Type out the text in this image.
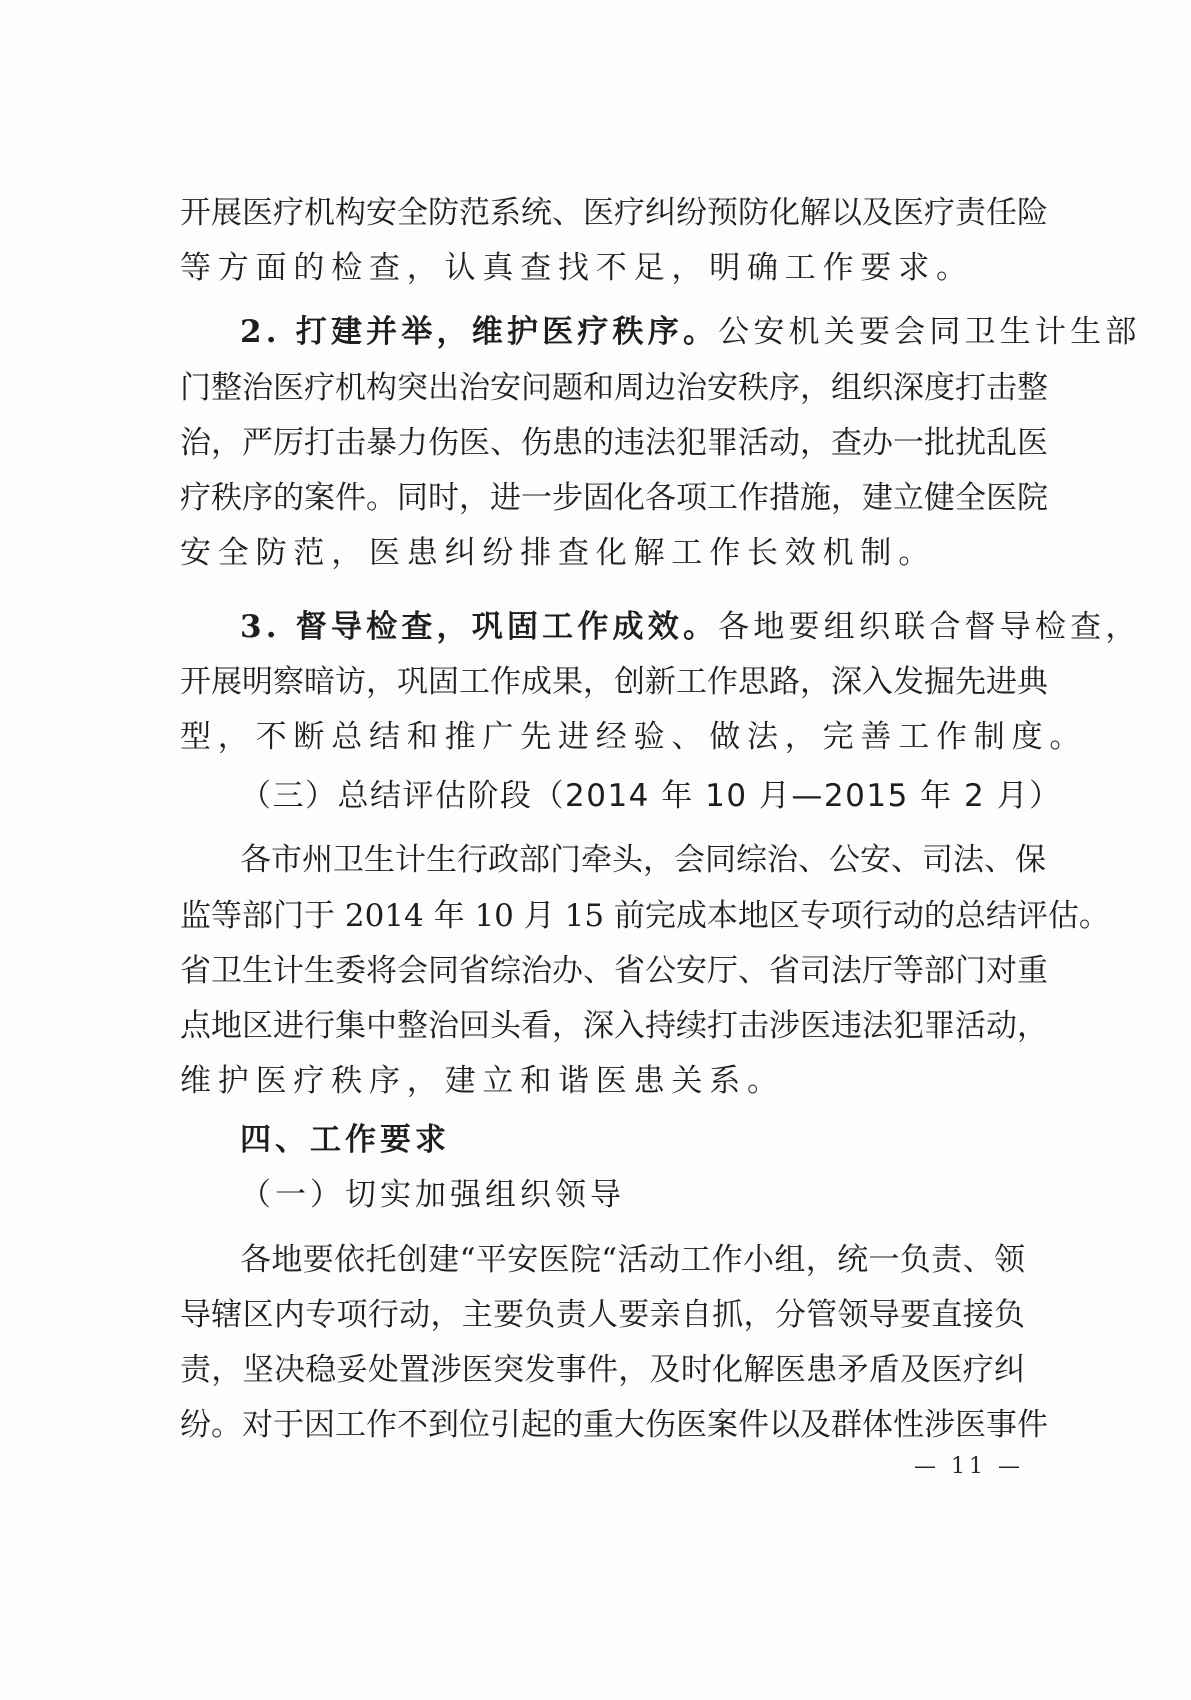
开展医疗机构安全防范系统、医疗纠纷预防化解以及医疗责任险
等方面的检查，认真查找不足，明确工作要求。
2. 打建并举，维护医疗秩序。公安机关要会同卫生计生部
门整治医疗机构突出治安问题和周边治安秩序，组织深度打击整
治，严厉打击暴力伤医、伤患的违法犯罪活动，查办一批扰乱医
疗秩序的案件。同时，进一步固化各项工作措施，建立健全医院
安全防范，医患纠纷排查化解工作长效机制。
3. 督导检查，巩固工作成效。各地要组织联合督导检查，
开展明察暗访，巩固工作成果，创新工作思路，深入发掘先进典
型，不断总结和推广先进经验、做法，完善工作制度。
（三）总结评估阶段（2014 年 10 月—2015 年 2 月）
各市州卫生计生行政部门牵头，会同综治、公安、司法、保
监等部门于 2014 年 10 月 15 前完成本地区专项行动的总结评估。
省卫生计生委将会同省综治办、省公安厅、省司法厅等部门对重
点地区进行集中整治回头看，深入持续打击涉医违法犯罪活动，
维护医疗秩序，建立和谐医患关系。
四、工作要求
（一）切实加强组织领导
各地要依托创建“平安医院“活动工作小组，统一负责、领
导辖区内专项行动，主要负责人要亲自抓，分管领导要直接负
责，坚决稳妥处置涉医突发事件，及时化解医患矛盾及医疗纠
纷。对于因工作不到位引起的重大伤医案件以及群体性涉医事件
— 11 —
